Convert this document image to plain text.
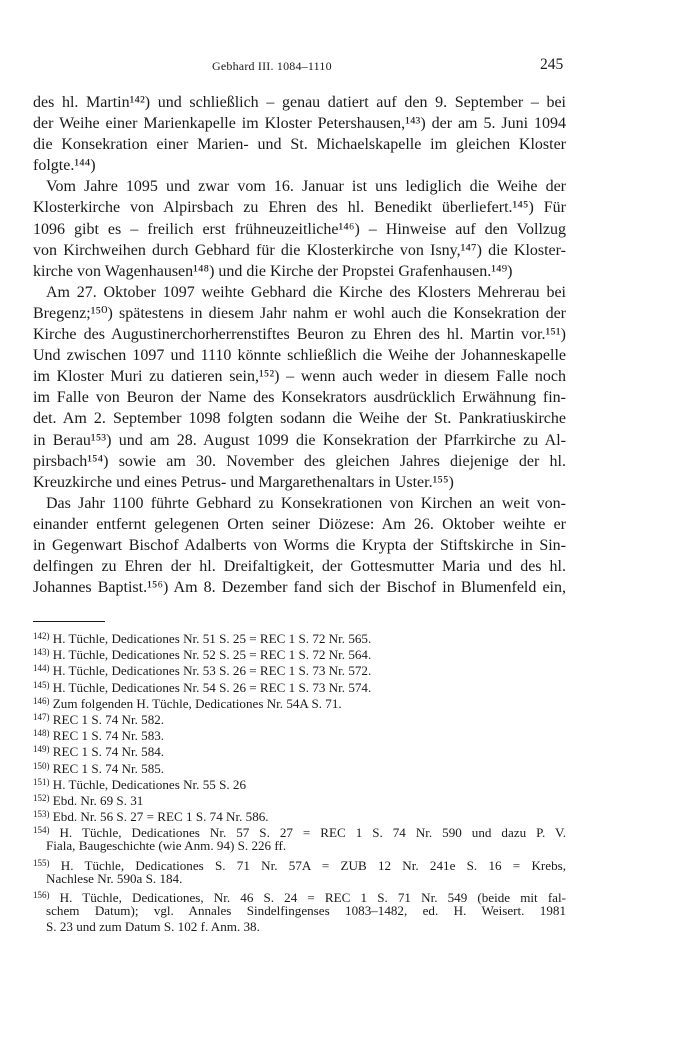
Gebhard III. 1084–1110	245
des hl. Martin¹⁴²) und schließlich – genau datiert auf den 9. September – bei
der Weihe einer Marienkapelle im Kloster Petershausen,¹⁴³) der am 5. Juni 1094
die Konsekration einer Marien- und St. Michaelskapelle im gleichen Kloster
folgte.¹⁴⁴)
Vom Jahre 1095 und zwar vom 16. Januar ist uns lediglich die Weihe der
Klosterkirche von Alpirsbach zu Ehren des hl. Benedikt überliefert.¹⁴⁵) Für
1096 gibt es – freilich erst frühneuzeitliche¹⁴⁶) – Hinweise auf den Vollzug
von Kirchweihen durch Gebhard für die Klosterkirche von Isny,¹⁴⁷) die Kloster-
kirche von Wagenhausen¹⁴⁸) und die Kirche der Propstei Grafenhausen.¹⁴⁹)
Am 27. Oktober 1097 weihte Gebhard die Kirche des Klosters Mehrerau bei
Bregenz;¹⁵⁰) spätestens in diesem Jahr nahm er wohl auch die Konsekration der
Kirche des Augustinerchorherrenstiftes Beuron zu Ehren des hl. Martin vor.¹⁵¹)
Und zwischen 1097 und 1110 könnte schließlich die Weihe der Johanneskapelle
im Kloster Muri zu datieren sein,¹⁵²) – wenn auch weder in diesem Falle noch
im Falle von Beuron der Name des Konsekrators ausdrücklich Erwähnung fin-
det. Am 2. September 1098 folgten sodann die Weihe der St. Pankratiuskirche
in Berau¹⁵³) und am 28. August 1099 die Konsekration der Pfarrkirche zu Al-
pirsbach¹⁵⁴) sowie am 30. November des gleichen Jahres diejenige der hl.
Kreuzkirche und eines Petrus- und Margarethenaltars in Uster.¹⁵⁵)
Das Jahr 1100 führte Gebhard zu Konsekrationen von Kirchen an weit von-
einander entfernt gelegenen Orten seiner Diözese: Am 26. Oktober weihte er
in Gegenwart Bischof Adalberts von Worms die Krypta der Stiftskirche in Sin-
delfingen zu Ehren der hl. Dreifaltigkeit, der Gottesmutter Maria und des hl.
Johannes Baptist.¹⁵⁶) Am 8. Dezember fand sich der Bischof in Blumenfeld ein,
$^{142)}$ H. Tüchle, Dedicationes Nr. 51 S. 25 = REC 1 S. 72 Nr. 565.
$^{143)}$ H. Tüchle, Dedicationes Nr. 52 S. 25 = REC 1 S. 72 Nr. 564.
$^{144)}$ H. Tüchle, Dedicationes Nr. 53 S. 26 = REC 1 S. 73 Nr. 572.
$^{145)}$ H. Tüchle, Dedicationes Nr. 54 S. 26 = REC 1 S. 73 Nr. 574.
$^{146)}$ Zum folgenden H. Tüchle, Dedicationes Nr. 54A S. 71.
$^{147)}$ REC 1 S. 74 Nr. 582.
$^{148)}$ REC 1 S. 74 Nr. 583.
$^{149)}$ REC 1 S. 74 Nr. 584.
$^{150)}$ REC 1 S. 74 Nr. 585.
$^{151)}$ H. Tüchle, Dedicationes Nr. 55 S. 26
$^{152)}$ Ebd. Nr. 69 S. 31
$^{153)}$ Ebd. Nr. 56 S. 27 = REC 1 S. 74 Nr. 586.
$^{154)}$ H. Tüchle, Dedicationes Nr. 57 S. 27 = REC 1 S. 74 Nr. 590 und dazu P. V.
Fiala, Baugeschichte (wie Anm. 94) S. 226 ff.
$^{155)}$ H. Tüchle, Dedicationes S. 71 Nr. 57A = ZUB 12 Nr. 241e S. 16 = Krebs,
Nachlese Nr. 590a S. 184.
$^{156)}$ H. Tüchle, Dedicationes, Nr. 46 S. 24 = REC 1 S. 71 Nr. 549 (beide mit fal-
schem Datum); vgl. Annales Sindelfingenses 1083–1482, ed. H. Weisert. 1981
S. 23 und zum Datum S. 102 f. Anm. 38.
